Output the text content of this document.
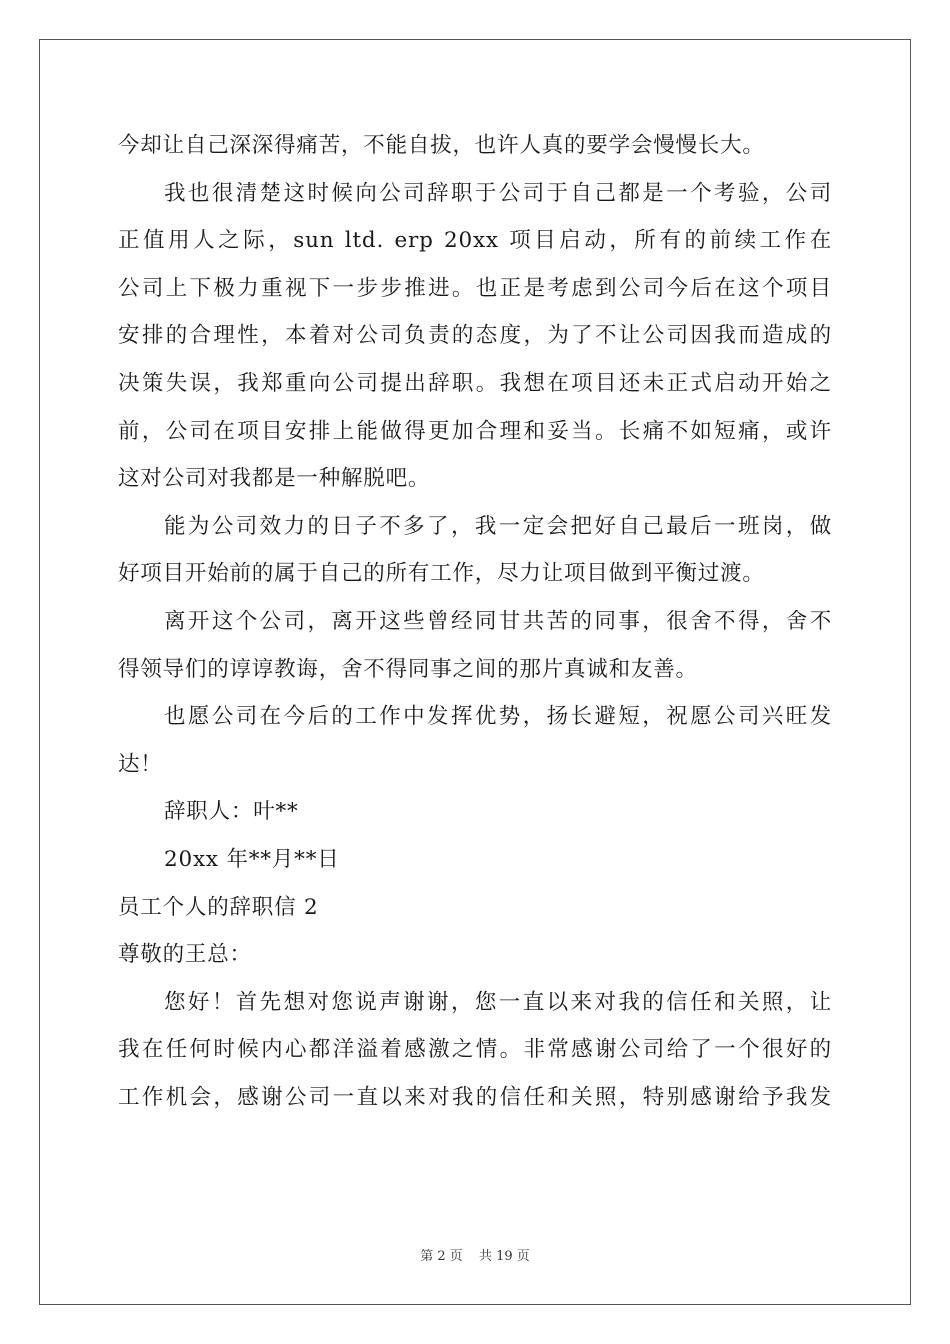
今却让自己深深得痛苦，不能自拔，也许人真的要学会慢慢长大。
我也很清楚这时候向公司辞职于公司于自己都是一个考验，公司
正值用人之际，sun ltd. erp 20xx 项目启动，所有的前续工作在
公司上下极力重视下一步步推进。也正是考虑到公司今后在这个项目
安排的合理性，本着对公司负责的态度，为了不让公司因我而造成的
决策失误，我郑重向公司提出辞职。我想在项目还未正式启动开始之
前，公司在项目安排上能做得更加合理和妥当。长痛不如短痛，或许
这对公司对我都是一种解脱吧。
能为公司效力的日子不多了，我一定会把好自己最后一班岗，做
好项目开始前的属于自己的所有工作，尽力让项目做到平衡过渡。
离开这个公司，离开这些曾经同甘共苦的同事，很舍不得，舍不
得领导们的谆谆教诲，舍不得同事之间的那片真诚和友善。
也愿公司在今后的工作中发挥优势，扬长避短，祝愿公司兴旺发
达！
辞职人：叶**
20xx 年**月**日
员工个人的辞职信 2
尊敬的王总：
您好！首先想对您说声谢谢，您一直以来对我的信任和关照，让
我在任何时候内心都洋溢着感激之情。非常感谢公司给了一个很好的
工作机会，感谢公司一直以来对我的信任和关照，特别感谢给予我发
第 2 页 共 19 页
